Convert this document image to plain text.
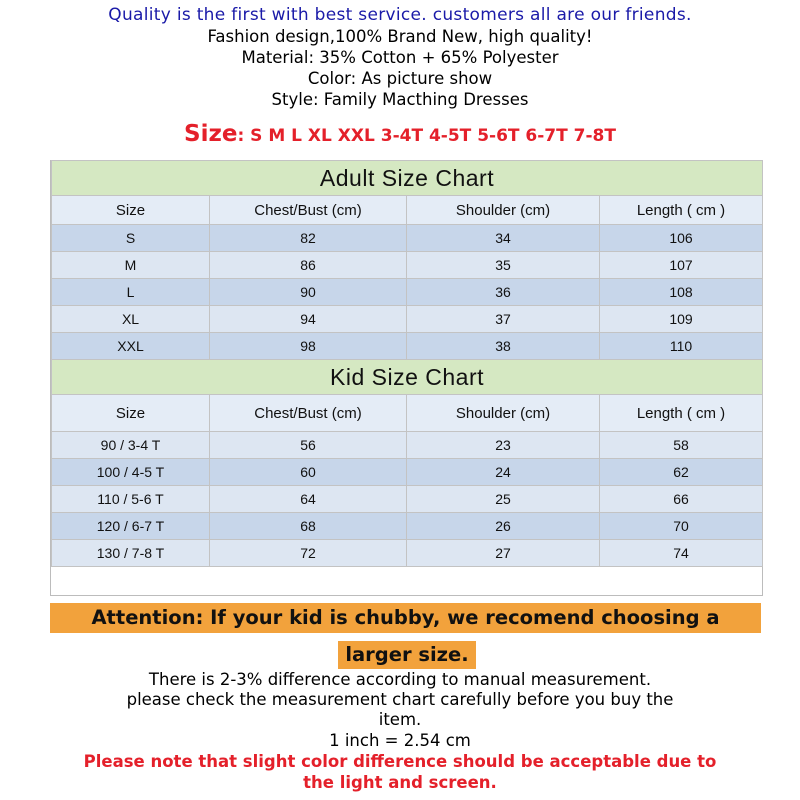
Quality is the first with best service. customers all are our friends.
Fashion design,100% Brand New, high quality!
Material: 35% Cotton + 65% Polyester
Color: As picture show
Style: Family Macthing Dresses
Size: S M L XL XXL 3-4T 4-5T 5-6T 6-7T 7-8T
Adult Size Chart			
Size	Chest/Bust (cm)	Shoulder (cm)	Length ( cm )
S	82	34	106
M	86	35	107
L	90	36	108
XL	94	37	109
XXL	98	38	110
Kid Size Chart			
Size	Chest/Bust (cm)	Shoulder (cm)	Length ( cm )
90 / 3-4 T	56	23	58
100 / 4-5 T	60	24	62
110 / 5-6 T	64	25	66
120 / 6-7 T	68	26	70
130 / 7-8 T	72	27	74
Attention: If your kid is chubby, we recomend choosing a
larger size.
There is 2-3% difference according to manual measurement.
please check the measurement chart carefully before you buy the
item.
1 inch = 2.54 cm
Please note that slight color difference should be acceptable due to
the light and screen.
